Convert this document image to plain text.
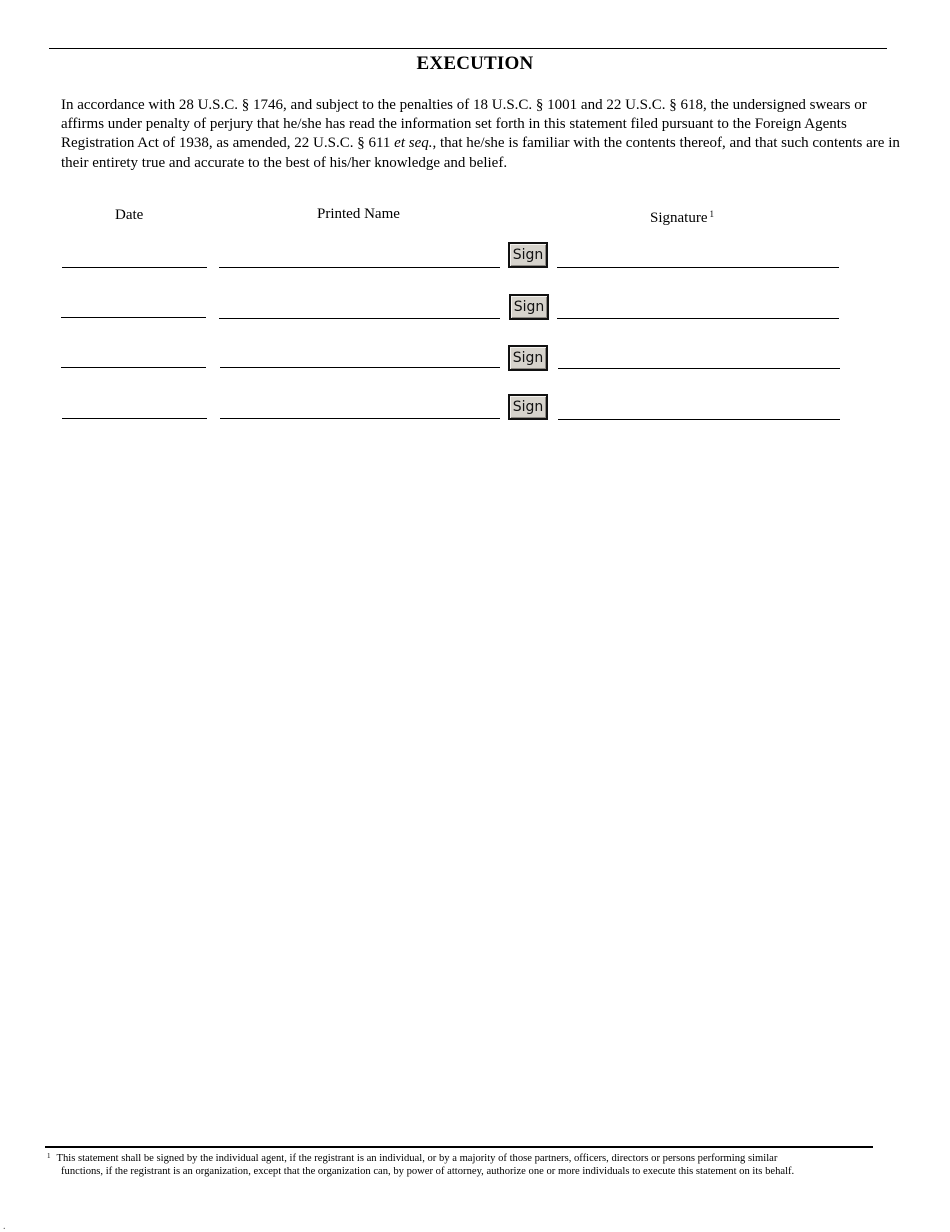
EXECUTION
In accordance with 28 U.S.C. § 1746, and subject to the penalties of 18 U.S.C. § 1001 and 22 U.S.C. § 618, the undersigned swears or affirms under penalty of perjury that he/she has read the information set forth in this statement filed pursuant to the Foreign Agents Registration Act of 1938, as amended, 22 U.S.C. § 611 et seq., that he/she is familiar with the contents thereof, and that such contents are in their entirety true and accurate to the best of his/her knowledge and belief.
Date	Printed Name	Signature $^1$
Sign
Sign
Sign
Sign
$^1$ This statement shall be signed by the individual agent, if the registrant is an individual, or by a majority of those partners, officers, directors or persons performing similar
functions, if the registrant is an organization, except that the organization can, by power of attorney, authorize one or more individuals to execute this statement on its behalf.
.
